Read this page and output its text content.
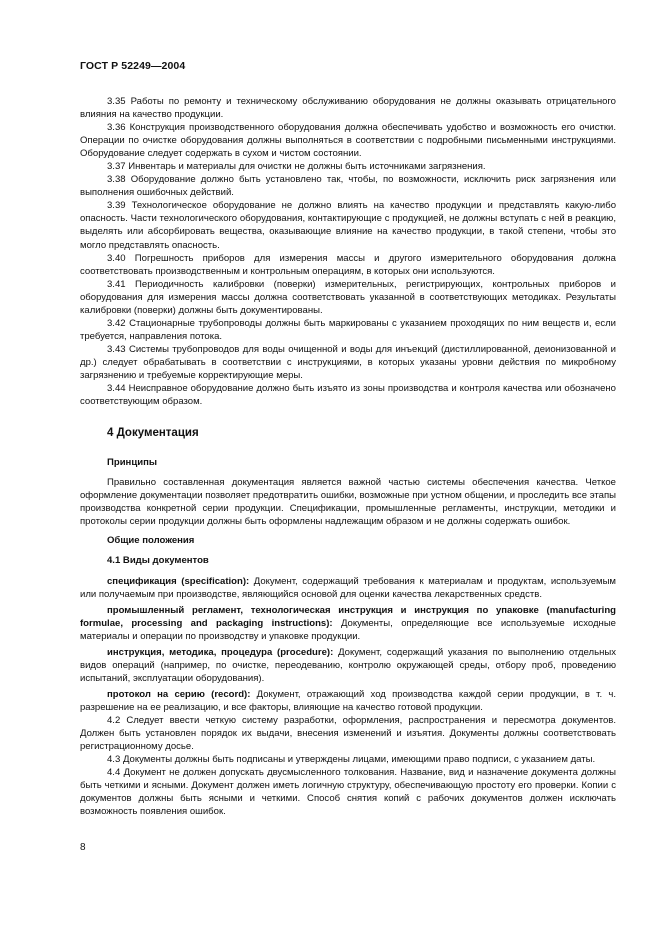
ГОСТ Р 52249—2004

3.35 Работы по ремонту и техническому обслуживанию оборудования не должны оказывать отрицательного влияния на качество продукции.

3.36 Конструкция производственного оборудования должна обеспечивать удобство и возможность его очистки. Операции по очистке оборудования должны выполняться в соответствии с подробными письменными инструкциями. Оборудование следует содержать в сухом и чистом состоянии.

3.37 Инвентарь и материалы для очистки не должны быть источниками загрязнения.

3.38 Оборудование должно быть установлено так, чтобы, по возможности, исключить риск загрязнения или выполнения ошибочных действий.

3.39 Технологическое оборудование не должно влиять на качество продукции и представлять какую-либо опасность. Части технологического оборудования, контактирующие с продукцией, не должны вступать с ней в реакцию, выделять или абсорбировать вещества, оказывающие влияние на качество продукции, в такой степени, чтобы это могло представлять опасность.

3.40 Погрешность приборов для измерения массы и другого измерительного оборудования должна соответствовать производственным и контрольным операциям, в которых они используются.

3.41 Периодичность калибровки (поверки) измерительных, регистрирующих, контрольных приборов и оборудования для измерения массы должна соответствовать указанной в соответствующих методиках. Результаты калибровки (поверки) должны быть документированы.

3.42 Стационарные трубопроводы должны быть маркированы с указанием проходящих по ним веществ и, если требуется, направления потока.

3.43 Системы трубопроводов для воды очищенной и воды для инъекций (дистиллированной, деионизованной и др.) следует обрабатывать в соответствии с инструкциями, в которых указаны уровни действия по микробному загрязнению и требуемые корректирующие меры.

3.44 Неисправное оборудование должно быть изъято из зоны производства и контроля качества или обозначено соответствующим образом.

4 Документация
Принципы

Правильно составленная документация является важной частью системы обеспечения качества. Четкое оформление документации позволяет предотвратить ошибки, возможные при устном общении, и проследить все этапы производства конкретной серии продукции. Спецификации, промышленные регламенты, инструкции, методики и протоколы серии продукции должны быть оформлены надлежащим образом и не должны содержать ошибок.

Общие положения
4.1 Виды документов

спецификация (specification): Документ, содержащий требования к материалам и продуктам, используемым или получаемым при производстве, являющийся основой для оценки качества лекарственных средств.

промышленный регламент, технологическая инструкция и инструкция по упаковке (manufacturing formulae, processing and packaging instructions): Документы, определяющие все используемые исходные материалы и операции по производству и упаковке продукции.

инструкция, методика, процедура (procedure): Документ, содержащий указания по выполнению отдельных видов операций (например, по очистке, переодеванию, контролю окружающей среды, отбору проб, проведению испытаний, эксплуатации оборудования).

протокол на серию (record): Документ, отражающий ход производства каждой серии продукции, в т. ч. разрешение на ее реализацию, и все факторы, влияющие на качество готовой продукции.

4.2 Следует ввести четкую систему разработки, оформления, распространения и пересмотра документов. Должен быть установлен порядок их выдачи, внесения изменений и изъятия. Документы должны соответствовать регистрационному досье.

4.3 Документы должны быть подписаны и утверждены лицами, имеющими право подписи, с указанием даты.

4.4 Документ не должен допускать двусмысленного толкования. Название, вид и назначение документа должны быть четкими и ясными. Документ должен иметь логичную структуру, обеспечивающую простоту его проверки. Копии с документов должны быть ясными и четкими. Способ снятия копий с рабочих документов должен исключать возможность появления ошибок.

8
